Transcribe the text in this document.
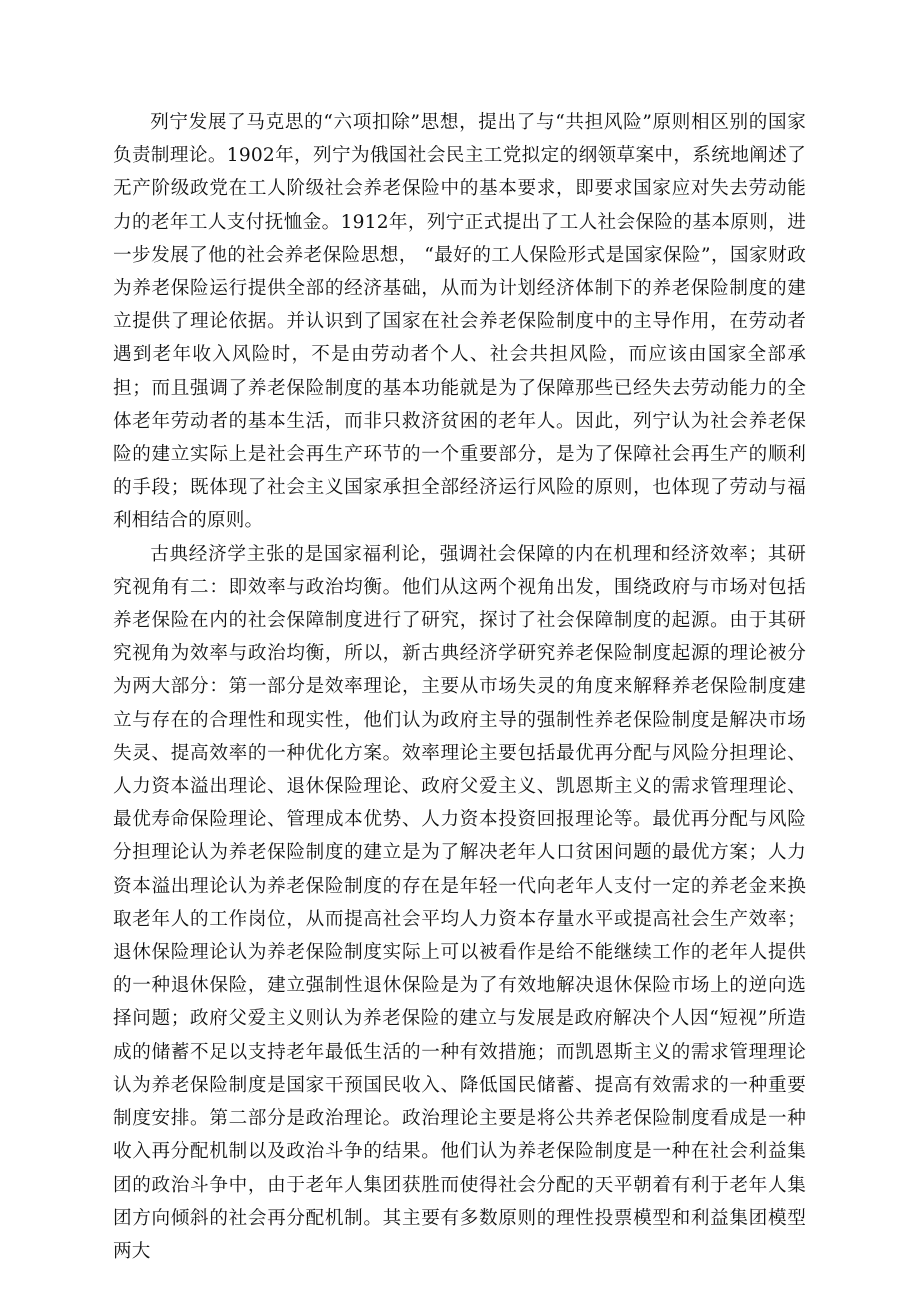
列宁发展了马克思的“六项扣除”思想，提出了与“共担风险”原则相区别的国家负责制理论。1902年，列宁为俄国社会民主工党拟定的纲领草案中，系统地阐述了无产阶级政党在工人阶级社会养老保险中的基本要求，即要求国家应对失去劳动能力的老年工人支付抚恤金。1912年，列宁正式提出了工人社会保险的基本原则，进一步发展了他的社会养老保险思想， “最好的工人保险形式是国家保险”，国家财政为养老保险运行提供全部的经济基础，从而为计划经济体制下的养老保险制度的建立提供了理论依据。并认识到了国家在社会养老保险制度中的主导作用，在劳动者遇到老年收入风险时，不是由劳动者个人、社会共担风险，而应该由国家全部承担；而且强调了养老保险制度的基本功能就是为了保障那些已经失去劳动能力的全体老年劳动者的基本生活，而非只救济贫困的老年人。因此，列宁认为社会养老保险的建立实际上是社会再生产环节的一个重要部分，是为了保障社会再生产的顺利的手段；既体现了社会主义国家承担全部经济运行风险的原则，也体现了劳动与福利相结合的原则。

古典经济学主张的是国家福利论，强调社会保障的内在机理和经济效率；其研究视角有二：即效率与政治均衡。他们从这两个视角出发，围绕政府与市场对包括养老保险在内的社会保障制度进行了研究，探讨了社会保障制度的起源。由于其研究视角为效率与政治均衡，所以，新古典经济学研究养老保险制度起源的理论被分为两大部分：第一部分是效率理论，主要从市场失灵的角度来解释养老保险制度建立与存在的合理性和现实性，他们认为政府主导的强制性养老保险制度是解决市场失灵、提高效率的一种优化方案。效率理论主要包括最优再分配与风险分担理论、人力资本溢出理论、退休保险理论、政府父爱主义、凯恩斯主义的需求管理理论、最优寿命保险理论、管理成本优势、人力资本投资回报理论等。最优再分配与风险分担理论认为养老保险制度的建立是为了解决老年人口贫困问题的最优方案；人力资本溢出理论认为养老保险制度的存在是年轻一代向老年人支付一定的养老金来换取老年人的工作岗位，从而提高社会平均人力资本存量水平或提高社会生产效率；退休保险理论认为养老保险制度实际上可以被看作是给不能继续工作的老年人提供的一种退休保险，建立强制性退休保险是为了有效地解决退休保险市场上的逆向选择问题；政府父爱主义则认为养老保险的建立与发展是政府解决个人因“短视”所造成的储蓄不足以支持老年最低生活的一种有效措施；而凯恩斯主义的需求管理理论认为养老保险制度是国家干预国民收入、降低国民储蓄、提高有效需求的一种重要制度安排。第二部分是政治理论。政治理论主要是将公共养老保险制度看成是一种收入再分配机制以及政治斗争的结果。他们认为养老保险制度是一种在社会利益集团的政治斗争中，由于老年人集团获胜而使得社会分配的天平朝着有利于老年人集团方向倾斜的社会再分配机制。其主要有多数原则的理性投票模型和利益集团模型两大
